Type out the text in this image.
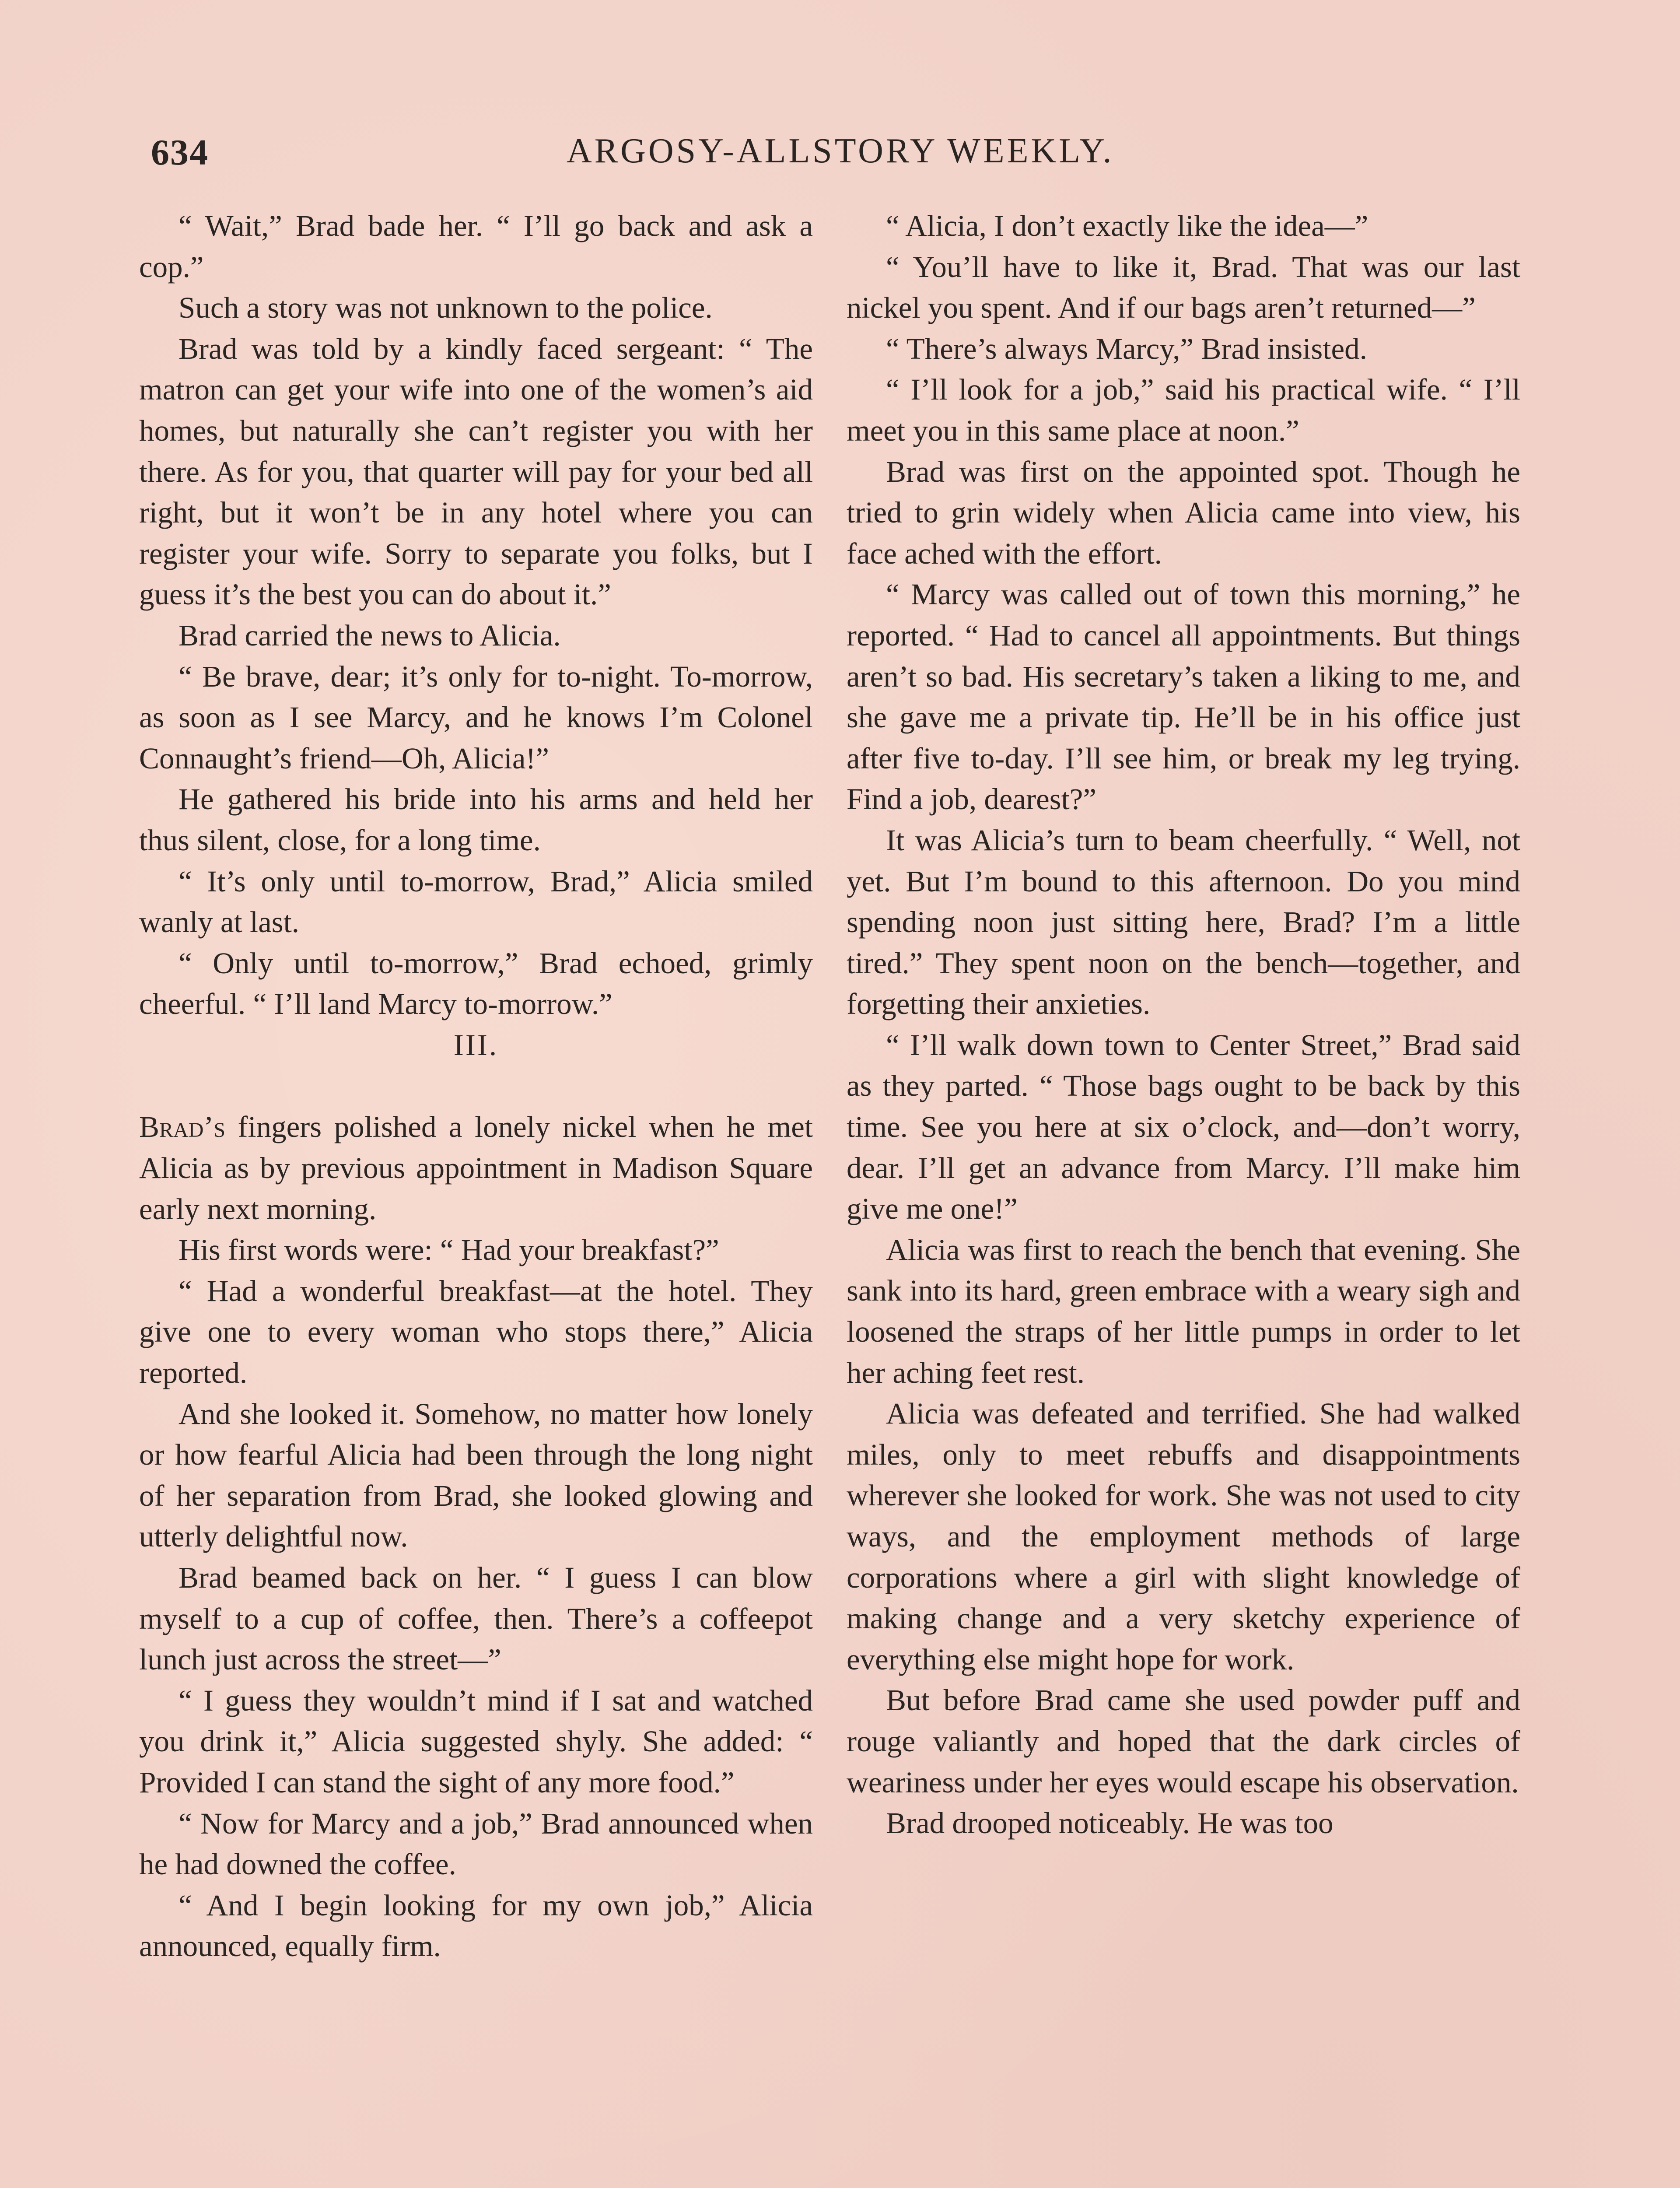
634	ARGOSY-ALLSTORY WEEKLY.

“ Wait,” Brad bade her. “ I’ll go back and ask a cop.”

Such a story was not unknown to the police.

Brad was told by a kindly faced sergeant: “ The matron can get your wife into one of the women’s aid homes, but naturally she can’t register you with her there. As for you, that quarter will pay for your bed all right, but it won’t be in any hotel where you can register your wife. Sorry to separate you folks, but I guess it’s the best you can do about it.”

Brad carried the news to Alicia.

“ Be brave, dear; it’s only for to-night. To-morrow, as soon as I see Marcy, and he knows I’m Colonel Connaught’s friend—Oh, Alicia!”

He gathered his bride into his arms and held her thus silent, close, for a long time.

“ It’s only until to-morrow, Brad,” Alicia smiled wanly at last.

“ Only until to-morrow,” Brad echoed, grimly cheerful. “ I’ll land Marcy to-morrow.”

III.

Brad’s fingers polished a lonely nickel when he met Alicia as by previous appointment in Madison Square early next morning.

His first words were: “ Had your breakfast?”

“ Had a wonderful breakfast—at the hotel. They give one to every woman who stops there,” Alicia reported.

And she looked it. Somehow, no matter how lonely or how fearful Alicia had been through the long night of her separation from Brad, she looked glowing and utterly delightful now.

Brad beamed back on her. “ I guess I can blow myself to a cup of coffee, then. There’s a coffeepot lunch just across the street—”

“ I guess they wouldn’t mind if I sat and watched you drink it,” Alicia suggested shyly. She added: “ Provided I can stand the sight of any more food.”

“ Now for Marcy and a job,” Brad announced when he had downed the coffee.

“ And I begin looking for my own job,” Alicia announced, equally firm.

“ Alicia, I don’t exactly like the idea—”

“ You’ll have to like it, Brad. That was our last nickel you spent. And if our bags aren’t returned—”

“ There’s always Marcy,” Brad insisted.

“ I’ll look for a job,” said his practical wife. “ I’ll meet you in this same place at noon.”

Brad was first on the appointed spot. Though he tried to grin widely when Alicia came into view, his face ached with the effort.

“ Marcy was called out of town this morning,” he reported. “ Had to cancel all appointments. But things aren’t so bad. His secretary’s taken a liking to me, and she gave me a private tip. He’ll be in his office just after five to-day. I’ll see him, or break my leg trying. Find a job, dearest?”

It was Alicia’s turn to beam cheerfully. “ Well, not yet. But I’m bound to this afternoon. Do you mind spending noon just sitting here, Brad? I’m a little tired.” They spent noon on the bench—together, and forgetting their anxieties.

“ I’ll walk down town to Center Street,” Brad said as they parted. “ Those bags ought to be back by this time. See you here at six o’clock, and—don’t worry, dear. I’ll get an advance from Marcy. I’ll make him give me one!”

Alicia was first to reach the bench that evening. She sank into its hard, green embrace with a weary sigh and loosened the straps of her little pumps in order to let her aching feet rest.

Alicia was defeated and terrified. She had walked miles, only to meet rebuffs and disappointments wherever she looked for work. She was not used to city ways, and the employment methods of large corporations where a girl with slight knowledge of making change and a very sketchy experience of everything else might hope for work.

But before Brad came she used powder puff and rouge valiantly and hoped that the dark circles of weariness under her eyes would escape his observation.

Brad drooped noticeably. He was too
